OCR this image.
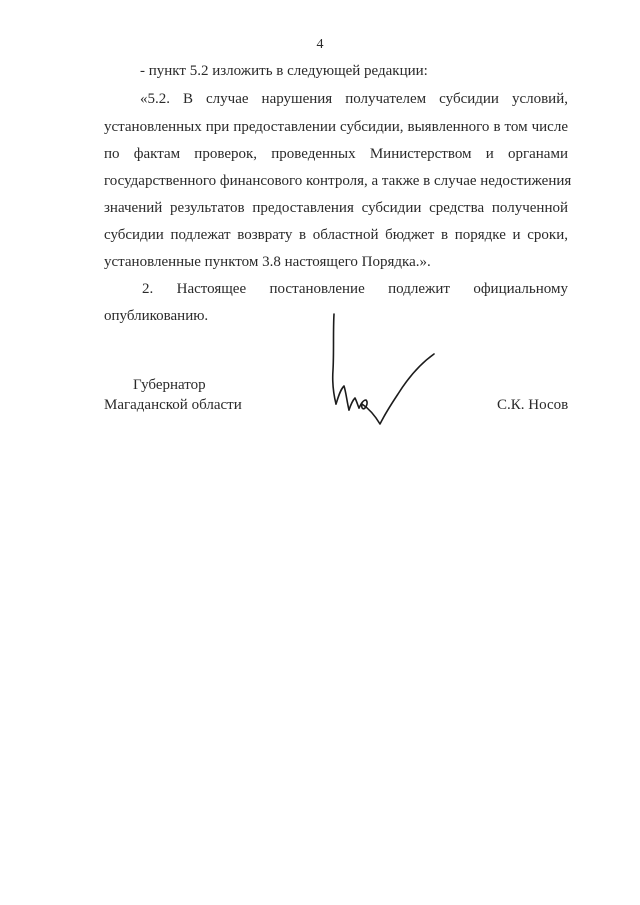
4
- пункт 5.2 изложить в следующей редакции:
«5.2. В случае нарушения получателем субсидии условий,
установленных при предоставлении субсидии, выявленного в том числе
по фактам проверок, проведенных Министерством и органами
государственного финансового контроля, а также в случае недостижения
значений результатов предоставления субсидии средства полученной
субсидии подлежат возврату в областной бюджет в порядке и сроки,
установленные пунктом 3.8 настоящего Порядка.».
2. Настоящее постановление подлежит официальному
опубликованию.
Губернатор
Магаданской области	С.К. Носов
